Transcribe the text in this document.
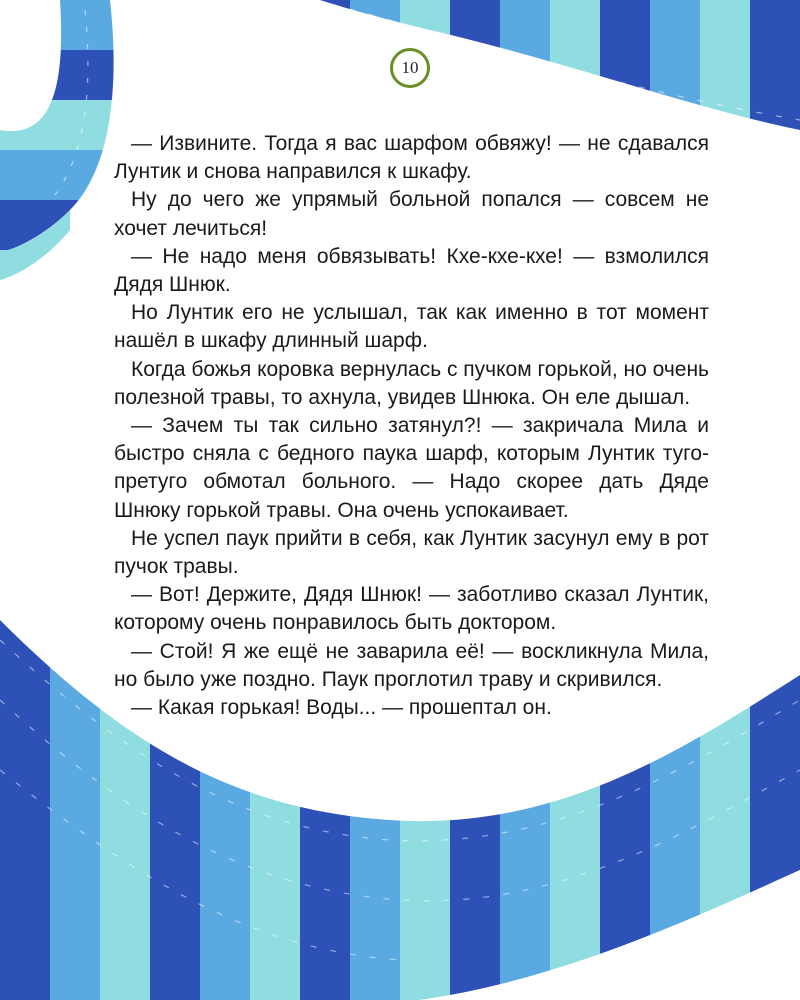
10

— Извините. Тогда я вас шарфом обвяжу! — не сдавался Лунтик и снова направился к шкафу.

Ну до чего же упрямый больной попался — совсем не хочет лечиться!

— Не надо меня обвязывать! Кхе-кхе-кхе! — взмолился Дядя Шнюк.

Но Лунтик его не услышал, так как именно в тот момент нашёл в шкафу длинный шарф.

Когда божья коровка вернулась с пучком горькой, но очень полезной травы, то ахнула, увидев Шнюка. Он еле дышал.

— Зачем ты так сильно затянул?! — закричала Мила и быстро сняла с бедного паука шарф, которым Лунтик туго-претуго обмотал больного. — Надо скорее дать Дяде Шнюку горькой травы. Она очень успокаивает.

Не успел паук прийти в себя, как Лунтик засунул ему в рот пучок травы.

— Вот! Держите, Дядя Шнюк! — заботливо сказал Лунтик, которому очень понравилось быть доктором.

— Стой! Я же ещё не заварила её! — воскликнула Мила, но было уже поздно. Паук проглотил траву и скривился.

— Какая горькая! Воды... — прошептал он.
